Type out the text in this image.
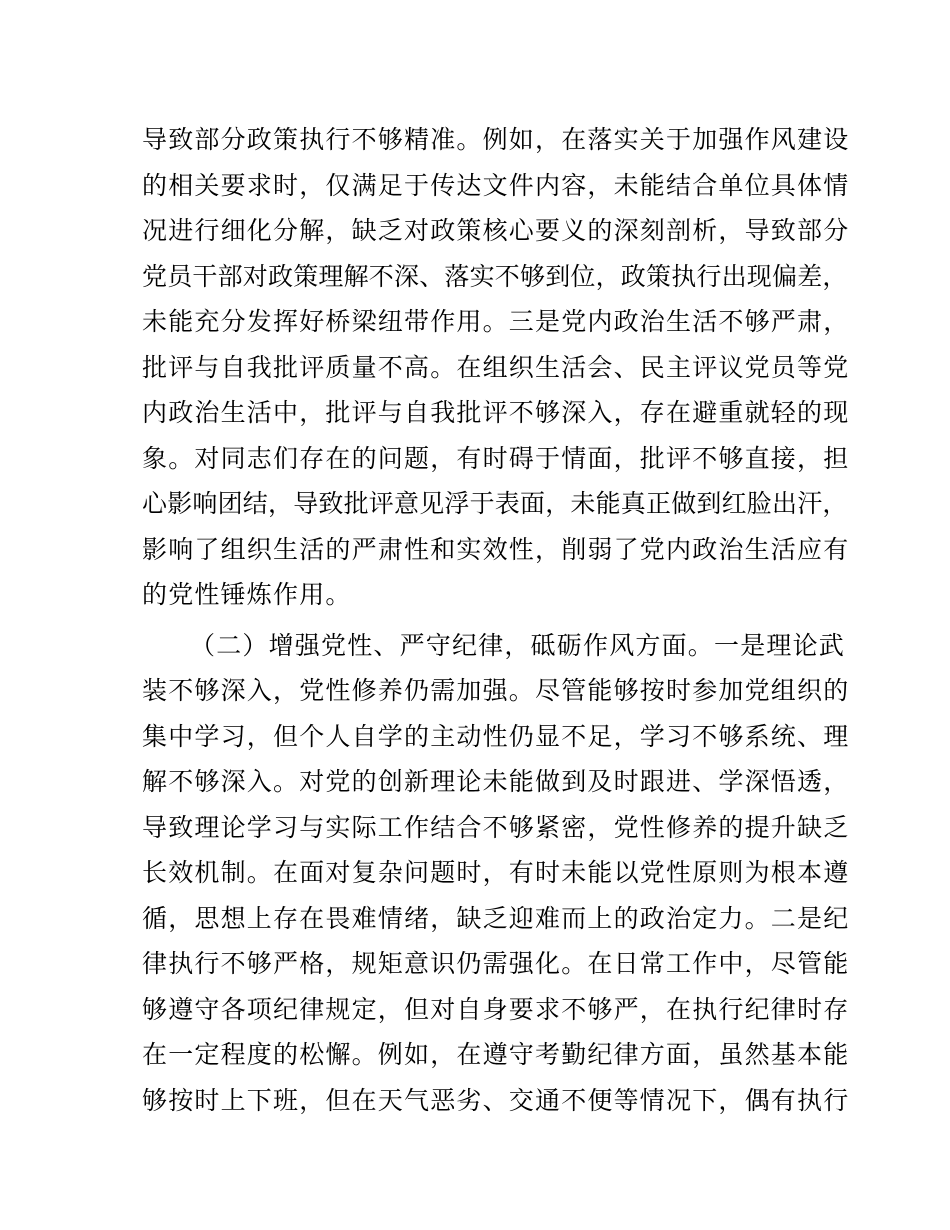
导致部分政策执行不够精准。例如，在落实关于加强作风建设
的相关要求时，仅满足于传达文件内容，未能结合单位具体情
况进行细化分解，缺乏对政策核心要义的深刻剖析，导致部分
党员干部对政策理解不深、落实不够到位，政策执行出现偏差，
未能充分发挥好桥梁纽带作用。三是党内政治生活不够严肃，
批评与自我批评质量不高。在组织生活会、民主评议党员等党
内政治生活中，批评与自我批评不够深入，存在避重就轻的现
象。对同志们存在的问题，有时碍于情面，批评不够直接，担
心影响团结，导致批评意见浮于表面，未能真正做到红脸出汗，
影响了组织生活的严肃性和实效性，削弱了党内政治生活应有
的党性锤炼作用。
（二）增强党性、严守纪律，砥砺作风方面。一是理论武
装不够深入，党性修养仍需加强。尽管能够按时参加党组织的
集中学习，但个人自学的主动性仍显不足，学习不够系统、理
解不够深入。对党的创新理论未能做到及时跟进、学深悟透，
导致理论学习与实际工作结合不够紧密，党性修养的提升缺乏
长效机制。在面对复杂问题时，有时未能以党性原则为根本遵
循，思想上存在畏难情绪，缺乏迎难而上的政治定力。二是纪
律执行不够严格，规矩意识仍需强化。在日常工作中，尽管能
够遵守各项纪律规定，但对自身要求不够严，在执行纪律时存
在一定程度的松懈。例如，在遵守考勤纪律方面，虽然基本能
够按时上下班，但在天气恶劣、交通不便等情况下，偶有执行
